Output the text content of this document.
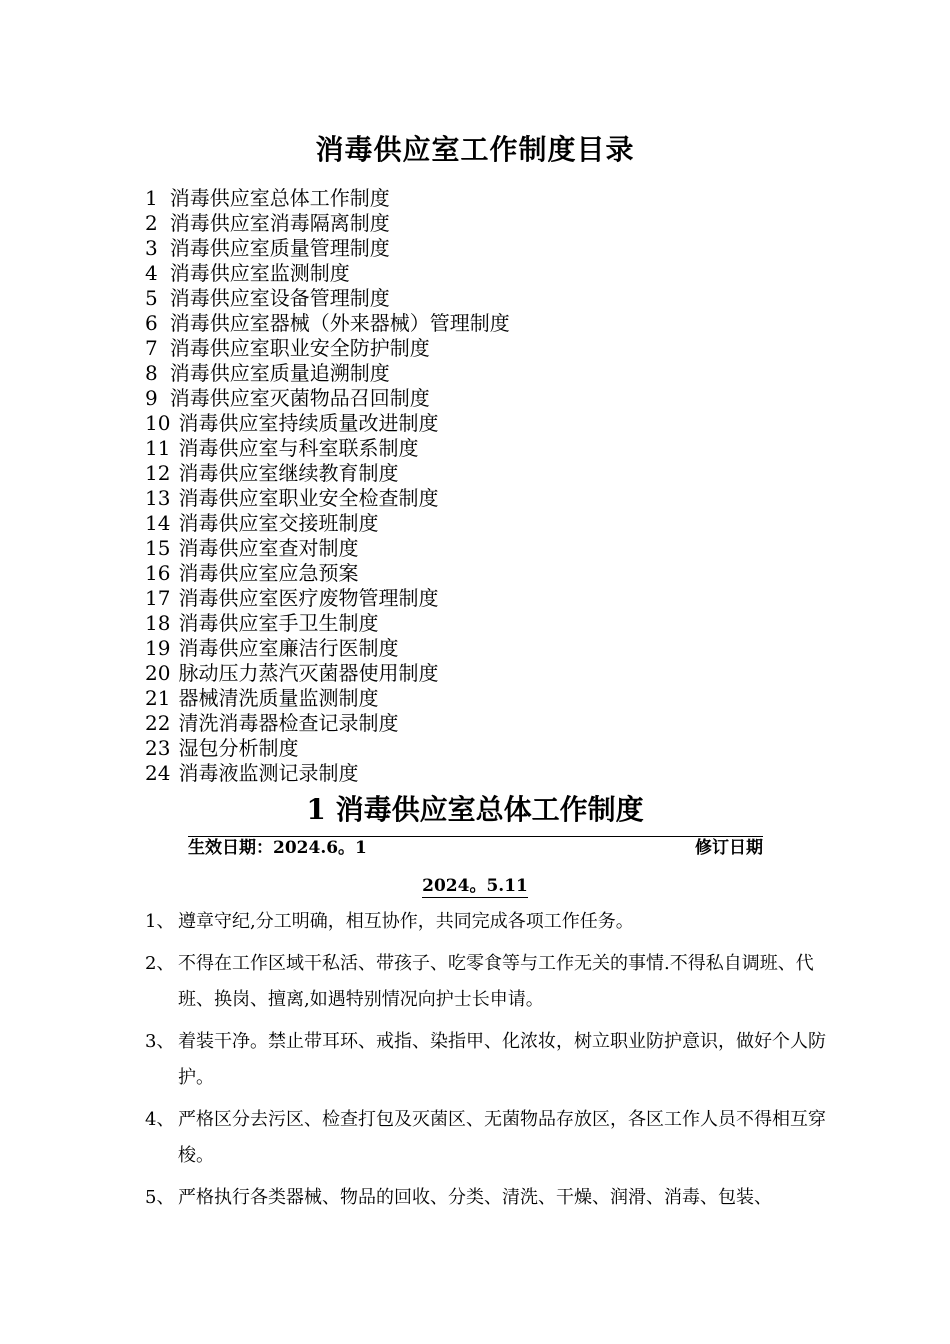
消毒供应室工作制度目录
1 消毒供应室总体工作制度
2 消毒供应室消毒隔离制度
3 消毒供应室质量管理制度
4 消毒供应室监测制度
5 消毒供应室设备管理制度
6 消毒供应室器械（外来器械）管理制度
7 消毒供应室职业安全防护制度
8 消毒供应室质量追溯制度
9 消毒供应室灭菌物品召回制度
10 消毒供应室持续质量改进制度
11 消毒供应室与科室联系制度
12 消毒供应室继续教育制度
13 消毒供应室职业安全检查制度
14 消毒供应室交接班制度
15 消毒供应室查对制度
16 消毒供应室应急预案
17 消毒供应室医疗废物管理制度
18 消毒供应室手卫生制度
19 消毒供应室廉洁行医制度
20 脉动压力蒸汽灭菌器使用制度
21 器械清洗质量监测制度
22 清洗消毒器检查记录制度
23 湿包分析制度
24 消毒液监测记录制度
1 消毒供应室总体工作制度
生效日期：2024.6。1	修订日期
2024。5.11
1、 遵章守纪,分工明确，相互协作，共同完成各项工作任务。
2、 不得在工作区域干私活、带孩子、吃零食等与工作无关的事情.不得私自调班、代班、换岗、擅离,如遇特别情况向护士长申请。
3、 着装干净。禁止带耳环、戒指、染指甲、化浓妆，树立职业防护意识，做好个人防护。
4、 严格区分去污区、检查打包及灭菌区、无菌物品存放区，各区工作人员不得相互穿梭。
5、 严格执行各类器械、物品的回收、分类、清洗、干燥、润滑、消毒、包装、
